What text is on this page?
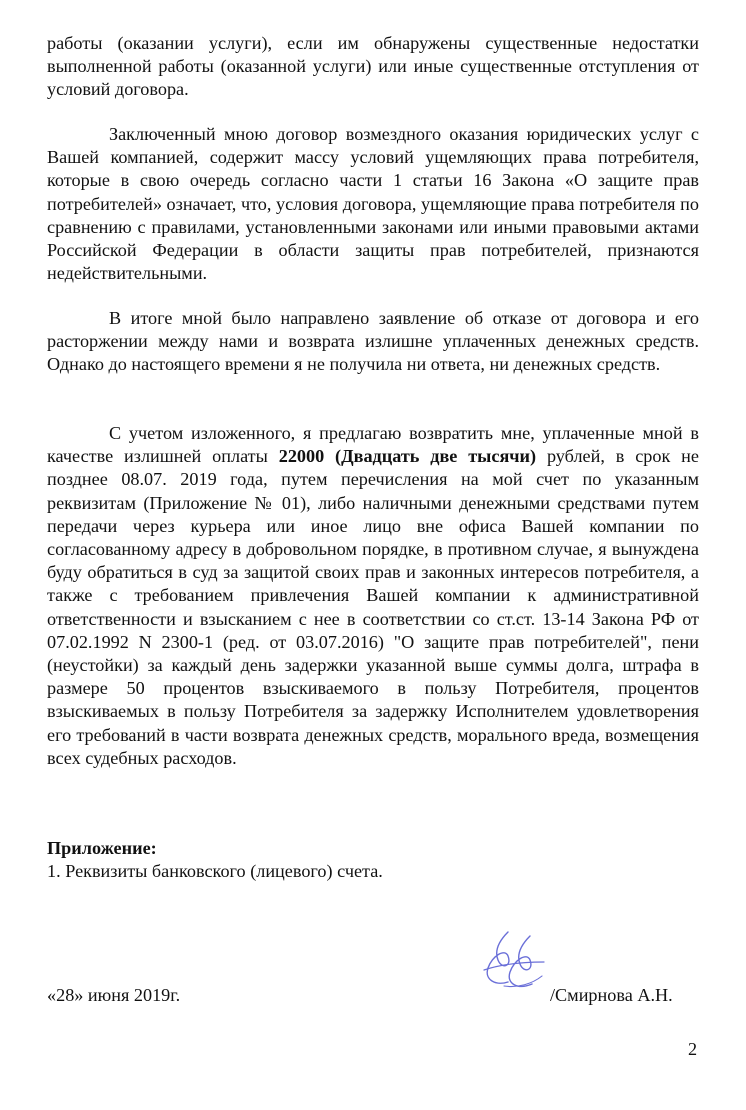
работы (оказании услуги), если им обнаружены существенные недостатки выполненной работы (оказанной услуги) или иные существенные отступления от условий договора.

Заключенный мною договор возмездного оказания юридических услуг с Вашей компанией, содержит массу условий ущемляющих права потребителя, которые в свою очередь согласно части 1 статьи 16 Закона «О защите прав потребителей» означает, что, условия договора, ущемляющие права потребителя по сравнению с правилами, установленными законами или иными правовыми актами Российской Федерации в области защиты прав потребителей, признаются недействительными.

В итоге мной было направлено заявление об отказе от договора и его расторжении между нами и возврата излишне уплаченных денежных средств. Однако до настоящего времени я не получила ни ответа, ни денежных средств.

С учетом изложенного, я предлагаю возвратить мне, уплаченные мной в качестве излишней оплаты 22000 (Двадцать две тысячи) рублей, в срок не позднее 08.07. 2019 года, путем перечисления на мой счет по указанным реквизитам (Приложение № 01), либо наличными денежными средствами путем передачи через курьера или иное лицо вне офиса Вашей компании по согласованному адресу в добровольном порядке, в противном случае, я вынуждена буду обратиться в суд за защитой своих прав и законных интересов потребителя, а также с требованием привлечения Вашей компании к административной ответственности и взысканием с нее в соответствии со ст.ст. 13-14 Закона РФ от 07.02.1992 N 2300-1 (ред. от 03.07.2016) "О защите прав потребителей", пени (неустойки) за каждый день задержки указанной выше суммы долга, штрафа в размере 50 процентов взыскиваемого в пользу Потребителя, процентов взыскиваемых в пользу Потребителя за задержку Исполнителем удовлетворения его требований в части возврата денежных средств, морального вреда, возмещения всех судебных расходов.

Приложение:
1. Реквизиты банковского (лицевого) счета.
«28» июня 2019г.	/Смирнова А.Н.
2
